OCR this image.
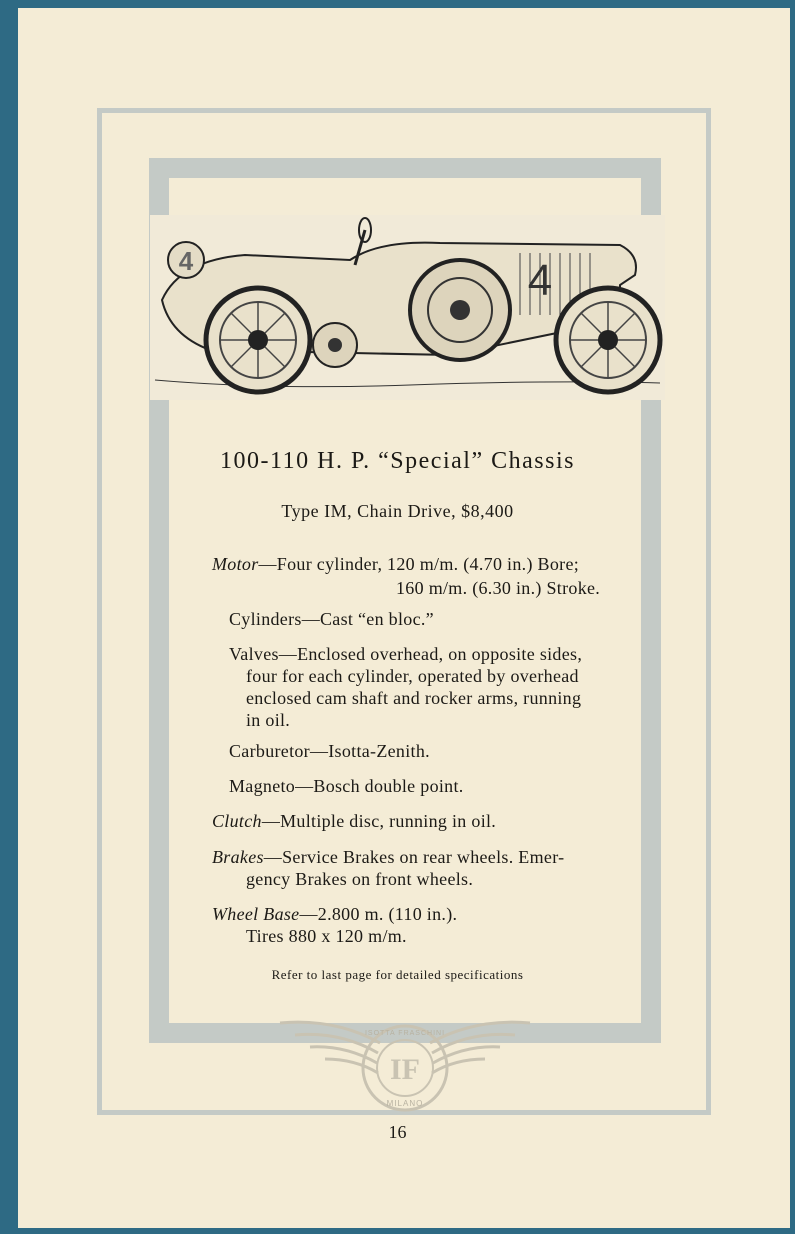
4	4
100-110 H. P. “Special” Chassis
Type IM, Chain Drive, $8,400
Motor—Four cylinder, 120 m/m. (4.70 in.) Bore;
160 m/m. (6.30 in.) Stroke.
Cylinders—Cast “en bloc.”
Valves—Enclosed overhead, on opposite sides,
four for each cylinder, operated by overhead
enclosed cam shaft and rocker arms, running
in oil.
Carburetor—Isotta-Zenith.
Magneto—Bosch double point.
Clutch—Multiple disc, running in oil.
Brakes—Service Brakes on rear wheels. Emer-
gency Brakes on front wheels.
Wheel Base—2.800 m. (110 in.).
Tires 880 x 120 m/m.
Refer to last page for detailed specifications
IF
ISOTTA FRASCHINI
MILANO
16
